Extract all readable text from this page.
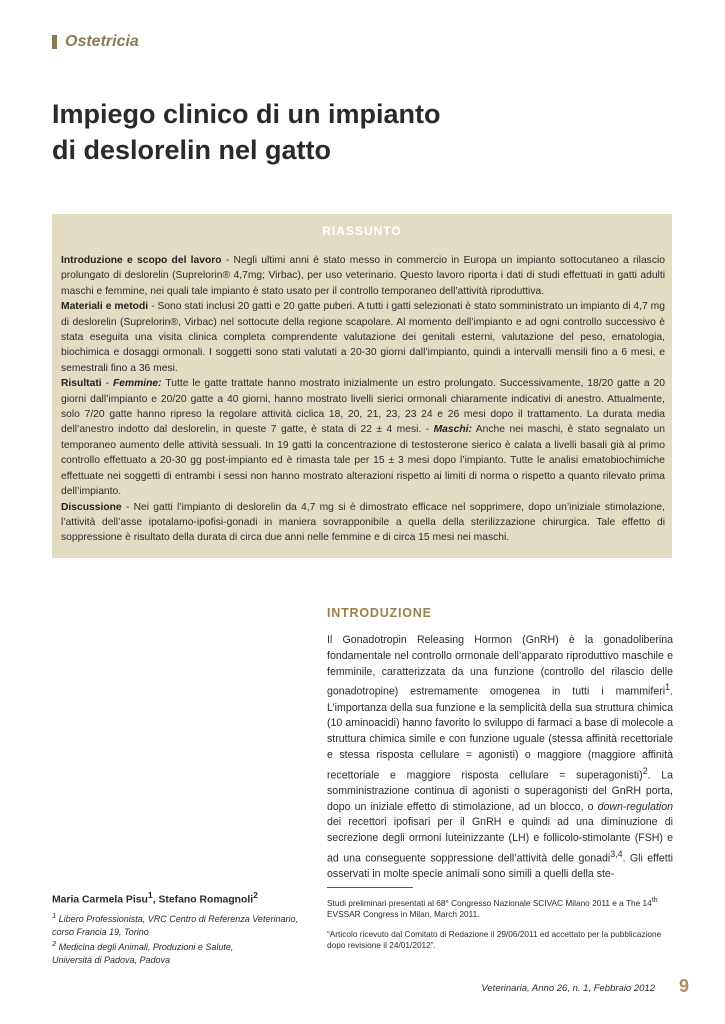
Ostetricia
Impiego clinico di un impianto
di deslorelin nel gatto
RIASSUNTO

Introduzione e scopo del lavoro - Negli ultimi anni è stato messo in commercio in Europa un impianto sottocutaneo a rilascio prolungato di deslorelin (Suprelorin® 4,7mg; Virbac), per uso veterinario. Questo lavoro riporta i dati di studi effettuati in gatti adulti maschi e femmine, nei quali tale impianto è stato usato per il controllo temporaneo dell’attività riproduttiva.

Materiali e metodi - Sono stati inclusi 20 gatti e 20 gatte puberi. A tutti i gatti selezionati è stato somministrato un impianto di 4,7 mg di deslorelin (Suprelorin®, Virbac) nel sottocute della regione scapolare. Al momento dell’impianto e ad ogni controllo successivo è stata eseguita una visita clinica completa comprendente valutazione dei genitali esterni, valutazione del peso, ematologia, biochimica e dosaggi ormonali. I soggetti sono stati valutati a 20-30 giorni dall’impianto, quindi a intervalli mensili fino a 6 mesi, e semestrali fino a 36 mesi.

Risultati - Femmine: Tutte le gatte trattate hanno mostrato inizialmente un estro prolungato. Successivamente, 18/20 gatte a 20 giorni dall’impianto e 20/20 gatte a 40 giorni, hanno mostrato livelli sierici ormonali chiaramente indicativi di anestro. Attualmente, solo 7/20 gatte hanno ripreso la regolare attività ciclica 18, 20, 21, 23, 23 24 e 26 mesi dopo il trattamento. La durata media dell’anestro indotto dal deslorelin, in queste 7 gatte, è stata di 22 ± 4 mesi. - Maschi: Anche nei maschi, è stato segnalato un temporaneo aumento delle attività sessuali. In 19 gatti la concentrazione di testosterone sierico è calata a livelli basali già al primo controllo effettuato a 20-30 gg post-impianto ed è rimasta tale per 15 ± 3 mesi dopo l’impianto. Tutte le analisi ematobiochimiche effettuate nei soggetti di entrambi i sessi non hanno mostrato alterazioni rispetto ai limiti di norma o rispetto a quanto rilevato prima dell’impianto.

Discussione - Nei gatti l’impianto di deslorelin da 4,7 mg si è dimostrato efficace nel sopprimere, dopo un’iniziale stimolazione, l’attività dell’asse ipotalamo-ipofisi-gonadi in maniera sovrapponibile a quella della sterilizzazione chirurgica. Tale effetto di soppressione è risultato della durata di circa due anni nelle femmine e di circa 15 mesi nei maschi.

INTRODUZIONE

Il Gonadotropin Releasing Hormon (GnRH) è la gonadoliberina fondamentale nel controllo ormonale dell’apparato riproduttivo maschile e femminile, caratterizzata da una funzione (controllo del rilascio delle gonadotropine) estremamente omogenea in tutti i mammiferi$^1$. L’importanza della sua funzione e la semplicità della sua struttura chimica (10 aminoacidi) hanno favorito lo sviluppo di farmaci a base di molecole a struttura chimica simile e con funzione uguale (stessa affinità recettoriale e stessa risposta cellulare = agonisti) o maggiore (maggiore affinità recettoriale e maggiore risposta cellulare = superagonisti)$^2$. La somministrazione continua di agonisti o superagonisti del GnRH porta, dopo un iniziale effetto di stimolazione, ad un blocco, o down-regulation dei recettori ipofisari per il GnRH e quindi ad una diminuzione di secrezione degli ormoni luteinizzante (LH) e follicolo-stimolante (FSH) e ad una conseguente soppressione dell’attività delle gonadi$^{3,4}$. Gli effetti osservati in molte specie animali sono simili a quelli della ste-

Maria Carmela Pisu$^1$, Stefano Romagnoli$^2$
$^1$ Libero Professionista, VRC Centro di Referenza Veterinario,
corso Francia 19, Torino
$^2$ Medicina degli Animali, Produzioni e Salute,
Università di Padova, Padova

Studi preliminari presentati al 68° Congresso Nazionale SCIVAC Milano 2011 e a The 14th EVSSAR Congress in Milan, March 2011.

“Articolo ricevuto dal Comitato di Redazione il 29/06/2011 ed accettato per la pubblicazione dopo revisione il 24/01/2012”.

Veterinaria, Anno 26, n. 1, Febbraio 2012 9
